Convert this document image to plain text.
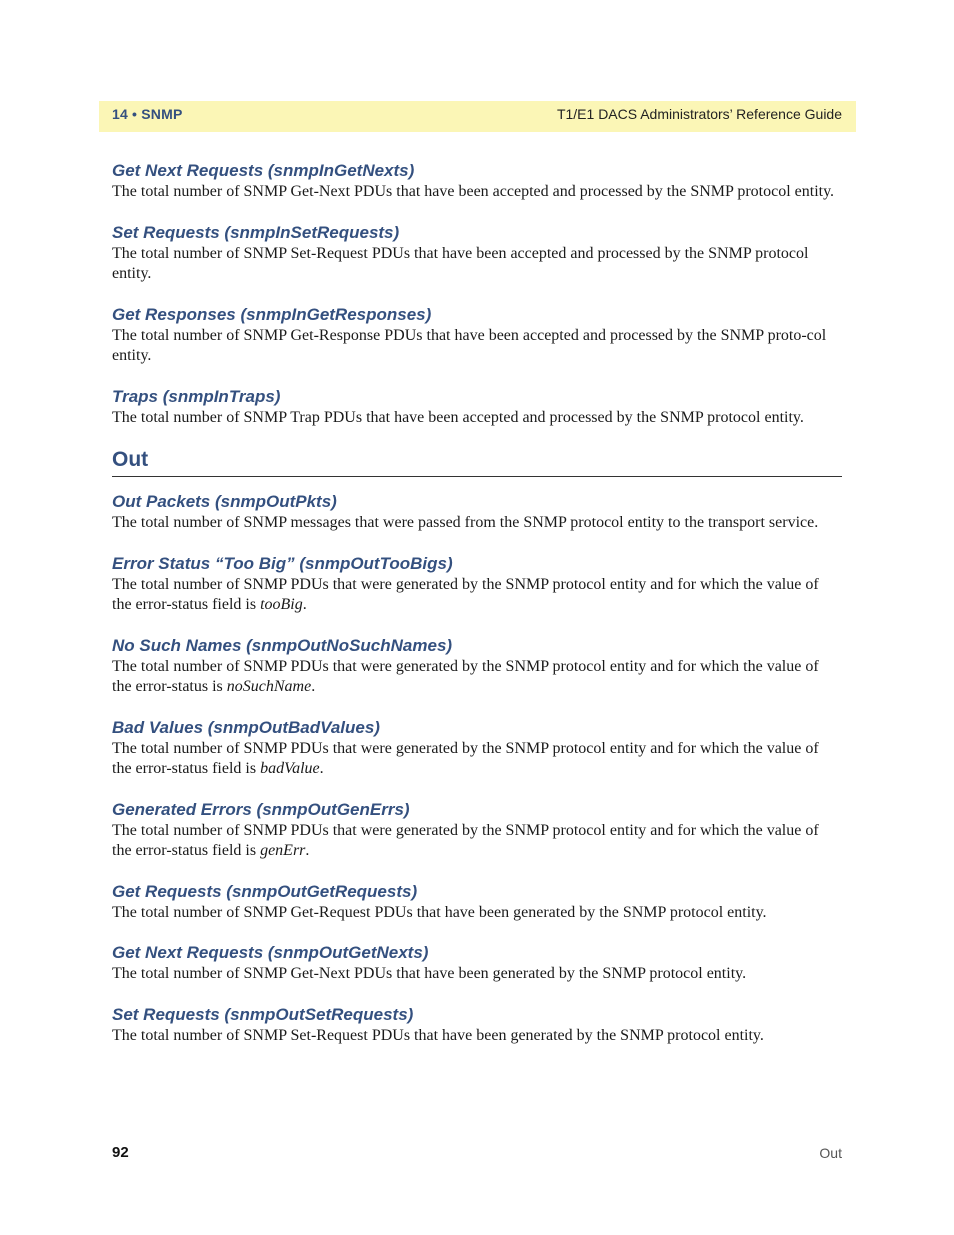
14 • SNMP	T1/E1 DACS Administrators’ Reference Guide
Get Next Requests (snmpInGetNexts)

The total number of SNMP Get-Next PDUs that have been accepted and processed by the SNMP protocol entity.

Set Requests (snmpInSetRequests)

The total number of SNMP Set-Request PDUs that have been accepted and processed by the SNMP protocol entity.

Get Responses (snmpInGetResponses)

The total number of SNMP Get-Response PDUs that have been accepted and processed by the SNMP proto-col entity.

Traps (snmpInTraps)

The total number of SNMP Trap PDUs that have been accepted and processed by the SNMP protocol entity.

Out
Out Packets (snmpOutPkts)

The total number of SNMP messages that were passed from the SNMP protocol entity to the transport service.

Error Status “Too Big” (snmpOutTooBigs)

The total number of SNMP PDUs that were generated by the SNMP protocol entity and for which the value of the error-status field is tooBig.

No Such Names (snmpOutNoSuchNames)

The total number of SNMP PDUs that were generated by the SNMP protocol entity and for which the value of the error-status is noSuchName.

Bad Values (snmpOutBadValues)

The total number of SNMP PDUs that were generated by the SNMP protocol entity and for which the value of the error-status field is badValue.

Generated Errors (snmpOutGenErrs)

The total number of SNMP PDUs that were generated by the SNMP protocol entity and for which the value of the error-status field is genErr.

Get Requests (snmpOutGetRequests)

The total number of SNMP Get-Request PDUs that have been generated by the SNMP protocol entity.

Get Next Requests (snmpOutGetNexts)

The total number of SNMP Get-Next PDUs that have been generated by the SNMP protocol entity.

Set Requests (snmpOutSetRequests)

The total number of SNMP Set-Request PDUs that have been generated by the SNMP protocol entity.

92	Out
